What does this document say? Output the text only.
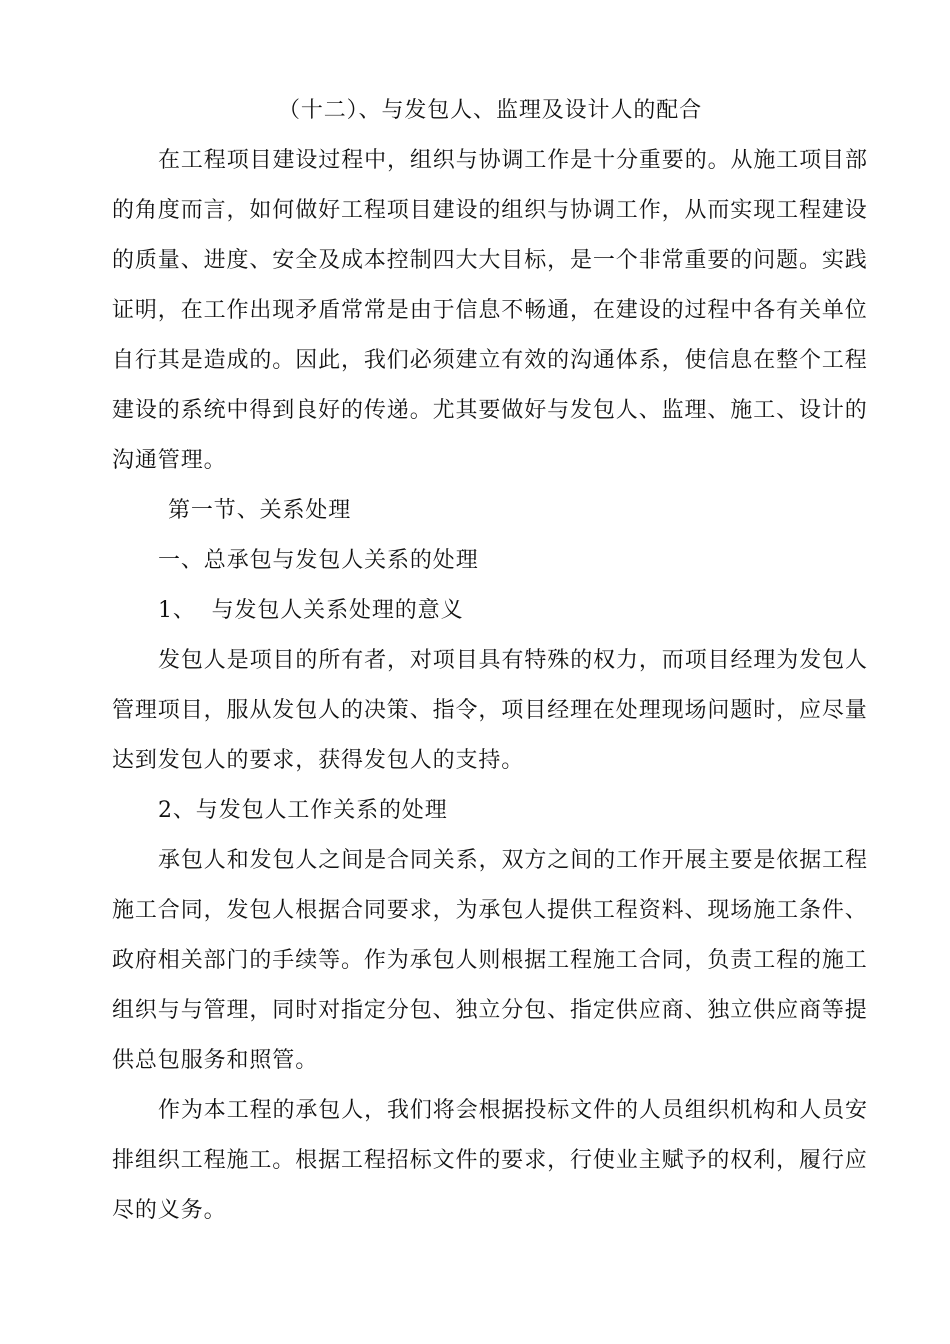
（十二）、与发包人、监理及设计人的配合
在工程项目建设过程中，组织与协调工作是十分重要的。从施工项目部
的角度而言，如何做好工程项目建设的组织与协调工作，从而实现工程建设
的质量、进度、安全及成本控制四大大目标，是一个非常重要的问题。实践
证明，在工作出现矛盾常常是由于信息不畅通，在建设的过程中各有关单位
自行其是造成的。因此，我们必须建立有效的沟通体系，使信息在整个工程
建设的系统中得到良好的传递。尤其要做好与发包人、监理、施工、设计的
沟通管理。
第一节、关系处理
一、总承包与发包人关系的处理
1、  与发包人关系处理的意义
发包人是项目的所有者，对项目具有特殊的权力，而项目经理为发包人
管理项目，服从发包人的决策、指令，项目经理在处理现场问题时，应尽量
达到发包人的要求，获得发包人的支持。
2、与发包人工作关系的处理
承包人和发包人之间是合同关系，双方之间的工作开展主要是依据工程
施工合同，发包人根据合同要求，为承包人提供工程资料、现场施工条件、
政府相关部门的手续等。作为承包人则根据工程施工合同，负责工程的施工
组织与与管理，同时对指定分包、独立分包、指定供应商、独立供应商等提
供总包服务和照管。
作为本工程的承包人，我们将会根据投标文件的人员组织机构和人员安
排组织工程施工。根据工程招标文件的要求，行使业主赋予的权利，履行应
尽的义务。
